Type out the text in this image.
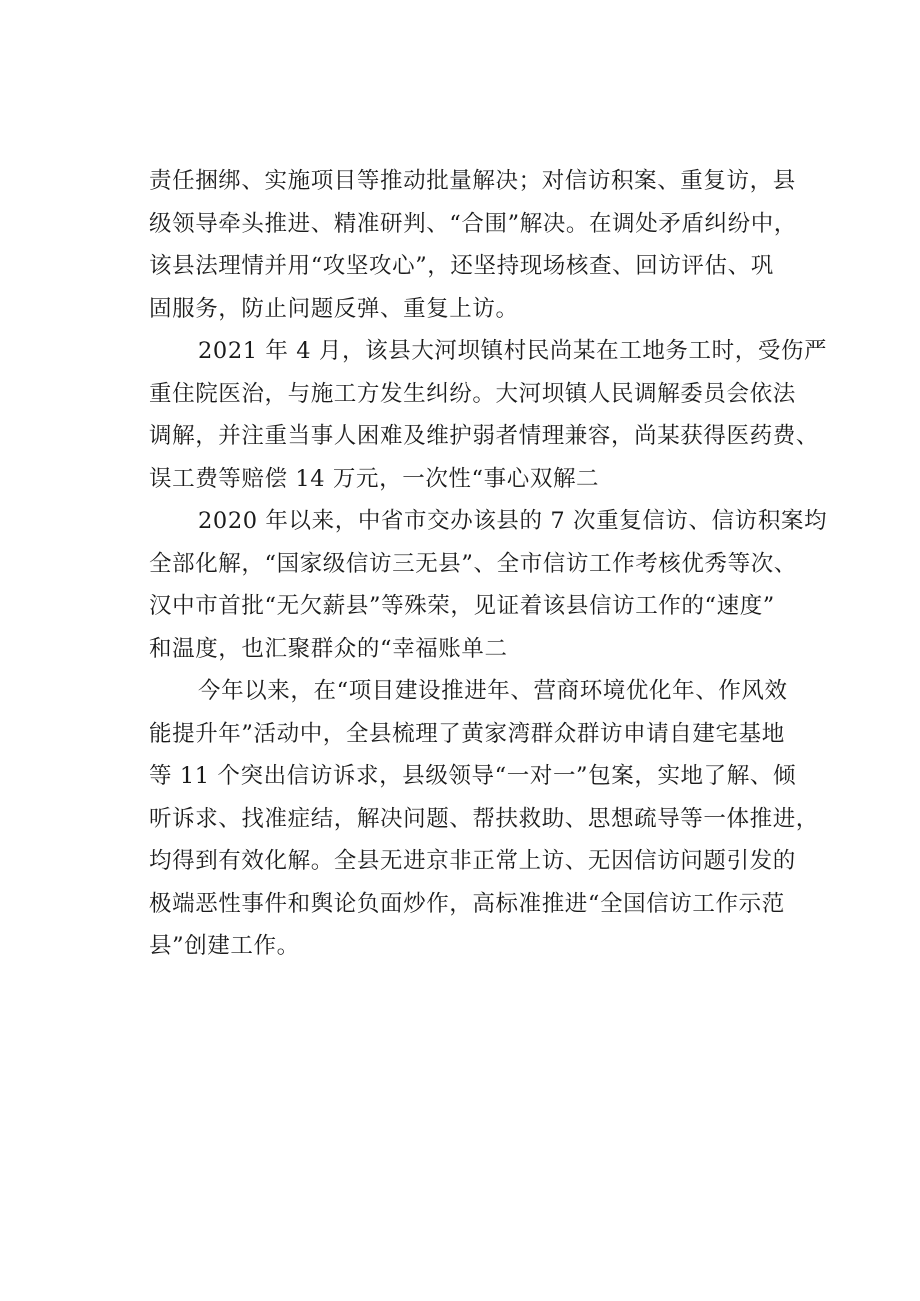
责任捆绑、实施项目等推动批量解决；对信访积案、重复访，县
级领导牵头推进、精准研判、“合围”解决。在调处矛盾纠纷中，
该县法理情并用“攻坚攻心”，还坚持现场核查、回访评估、巩
固服务，防止问题反弹、重复上访。

2021 年 4 月，该县大河坝镇村民尚某在工地务工时，受伤严
重住院医治，与施工方发生纠纷。大河坝镇人民调解委员会依法
调解，并注重当事人困难及维护弱者情理兼容，尚某获得医药费、
误工费等赔偿 14 万元，一次性“事心双解二

2020 年以来，中省市交办该县的 7 次重复信访、信访积案均
全部化解，“国家级信访三无县”、全市信访工作考核优秀等次、
汉中市首批“无欠薪县”等殊荣，见证着该县信访工作的“速度”
和温度，也汇聚群众的“幸福账单二

今年以来，在“项目建设推进年、营商环境优化年、作风效
能提升年”活动中，全县梳理了黄家湾群众群访申请自建宅基地
等 11 个突出信访诉求，县级领导“一对一”包案，实地了解、倾
听诉求、找准症结，解决问题、帮扶救助、思想疏导等一体推进，
均得到有效化解。全县无进京非正常上访、无因信访问题引发的
极端恶性事件和舆论负面炒作，高标准推进“全国信访工作示范
县”创建工作。
